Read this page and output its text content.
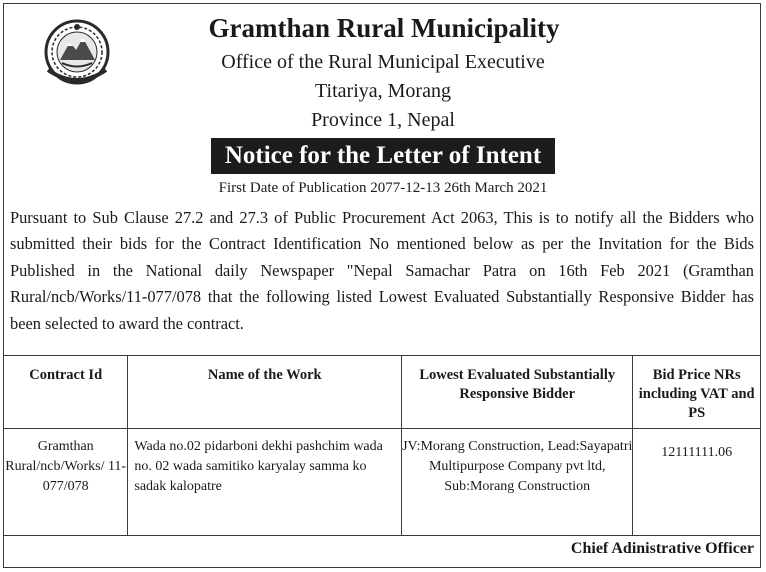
Gramthan Rural Municipality
Office of the Rural Municipal Executive
Titariya, Morang
Province 1, Nepal
Notice for the Letter of Intent
First Date of Publication 2077-12-13 26th March 2021
Pursuant to Sub Clause 27.2 and 27.3 of Public Procurement Act 2063, This is to notify all the Bidders who submitted their bids for the Contract Identification No mentioned below as per the Invitation for the Bids Published in the National daily Newspaper "Nepal Samachar Patra on 16th Feb 2021 (Gramthan Rural/ncb/Works/11-077/078 that the following listed Lowest Evaluated Substantially Responsive Bidder has been selected to award the contract.
Contract Id	Name of the Work	Lowest Evaluated Substantially Responsive Bidder	Bid Price NRs including VAT and PS
Gramthan Rural/ncb/Works/ 11-077/078	Wada no.02 pidarboni dekhi pashchim wada no. 02 wada samitiko karyalay samma ko sadak kalopatre	JV:Morang Construction, Lead:Sayapatri Multipurpose Company pvt ltd, Sub:Morang Construction	12111111.06
Chief Adinistrative Officer
